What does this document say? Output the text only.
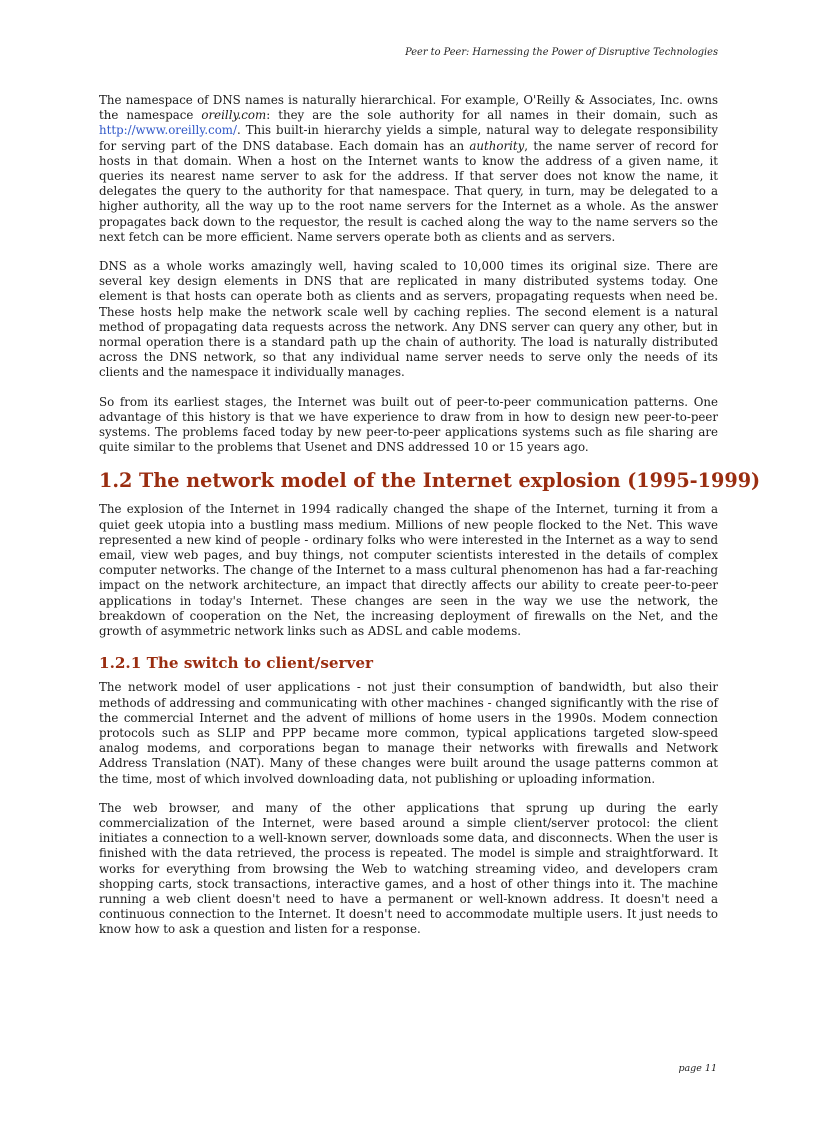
Peer to Peer: Harnessing the Power of Disruptive Technologies

The namespace of DNS names is naturally hierarchical. For example, O'Reilly & Associates, Inc. owns the namespace oreilly.com: they are the sole authority for all names in their domain, such as http://www.oreilly.com/. This built-in hierarchy yields a simple, natural way to delegate responsibility for serving part of the DNS database. Each domain has an authority, the name server of record for hosts in that domain. When a host on the Internet wants to know the address of a given name, it queries its nearest name server to ask for the address. If that server does not know the name, it delegates the query to the authority for that namespace. That query, in turn, may be delegated to a higher authority, all the way up to the root name servers for the Internet as a whole. As the answer propagates back down to the requestor, the result is cached along the way to the name servers so the next fetch can be more efficient. Name servers operate both as clients and as servers.

DNS as a whole works amazingly well, having scaled to 10,000 times its original size. There are several key design elements in DNS that are replicated in many distributed systems today. One element is that hosts can operate both as clients and as servers, propagating requests when need be. These hosts help make the network scale well by caching replies. The second element is a natural method of propagating data requests across the network. Any DNS server can query any other, but in normal operation there is a standard path up the chain of authority. The load is naturally distributed across the DNS network, so that any individual name server needs to serve only the needs of its clients and the namespace it individually manages.

So from its earliest stages, the Internet was built out of peer-to-peer communication patterns. One advantage of this history is that we have experience to draw from in how to design new peer-to-peer systems. The problems faced today by new peer-to-peer applications systems such as file sharing are quite similar to the problems that Usenet and DNS addressed 10 or 15 years ago.

1.2 The network model of the Internet explosion (1995-1999)

The explosion of the Internet in 1994 radically changed the shape of the Internet, turning it from a quiet geek utopia into a bustling mass medium. Millions of new people flocked to the Net. This wave represented a new kind of people - ordinary folks who were interested in the Internet as a way to send email, view web pages, and buy things, not computer scientists interested in the details of complex computer networks. The change of the Internet to a mass cultural phenomenon has had a far-reaching impact on the network architecture, an impact that directly affects our ability to create peer-to-peer applications in today's Internet. These changes are seen in the way we use the network, the breakdown of cooperation on the Net, the increasing deployment of firewalls on the Net, and the growth of asymmetric network links such as ADSL and cable modems.

1.2.1 The switch to client/server

The network model of user applications - not just their consumption of bandwidth, but also their methods of addressing and communicating with other machines - changed significantly with the rise of the commercial Internet and the advent of millions of home users in the 1990s. Modem connection protocols such as SLIP and PPP became more common, typical applications targeted slow-speed analog modems, and corporations began to manage their networks with firewalls and Network Address Translation (NAT). Many of these changes were built around the usage patterns common at the time, most of which involved downloading data, not publishing or uploading information.

The web browser, and many of the other applications that sprung up during the early commercialization of the Internet, were based around a simple client/server protocol: the client initiates a connection to a well-known server, downloads some data, and disconnects. When the user is finished with the data retrieved, the process is repeated. The model is simple and straightforward. It works for everything from browsing the Web to watching streaming video, and developers cram shopping carts, stock transactions, interactive games, and a host of other things into it. The machine running a web client doesn't need to have a permanent or well-known address. It doesn't need a continuous connection to the Internet. It doesn't need to accommodate multiple users. It just needs to know how to ask a question and listen for a response.

page 11
